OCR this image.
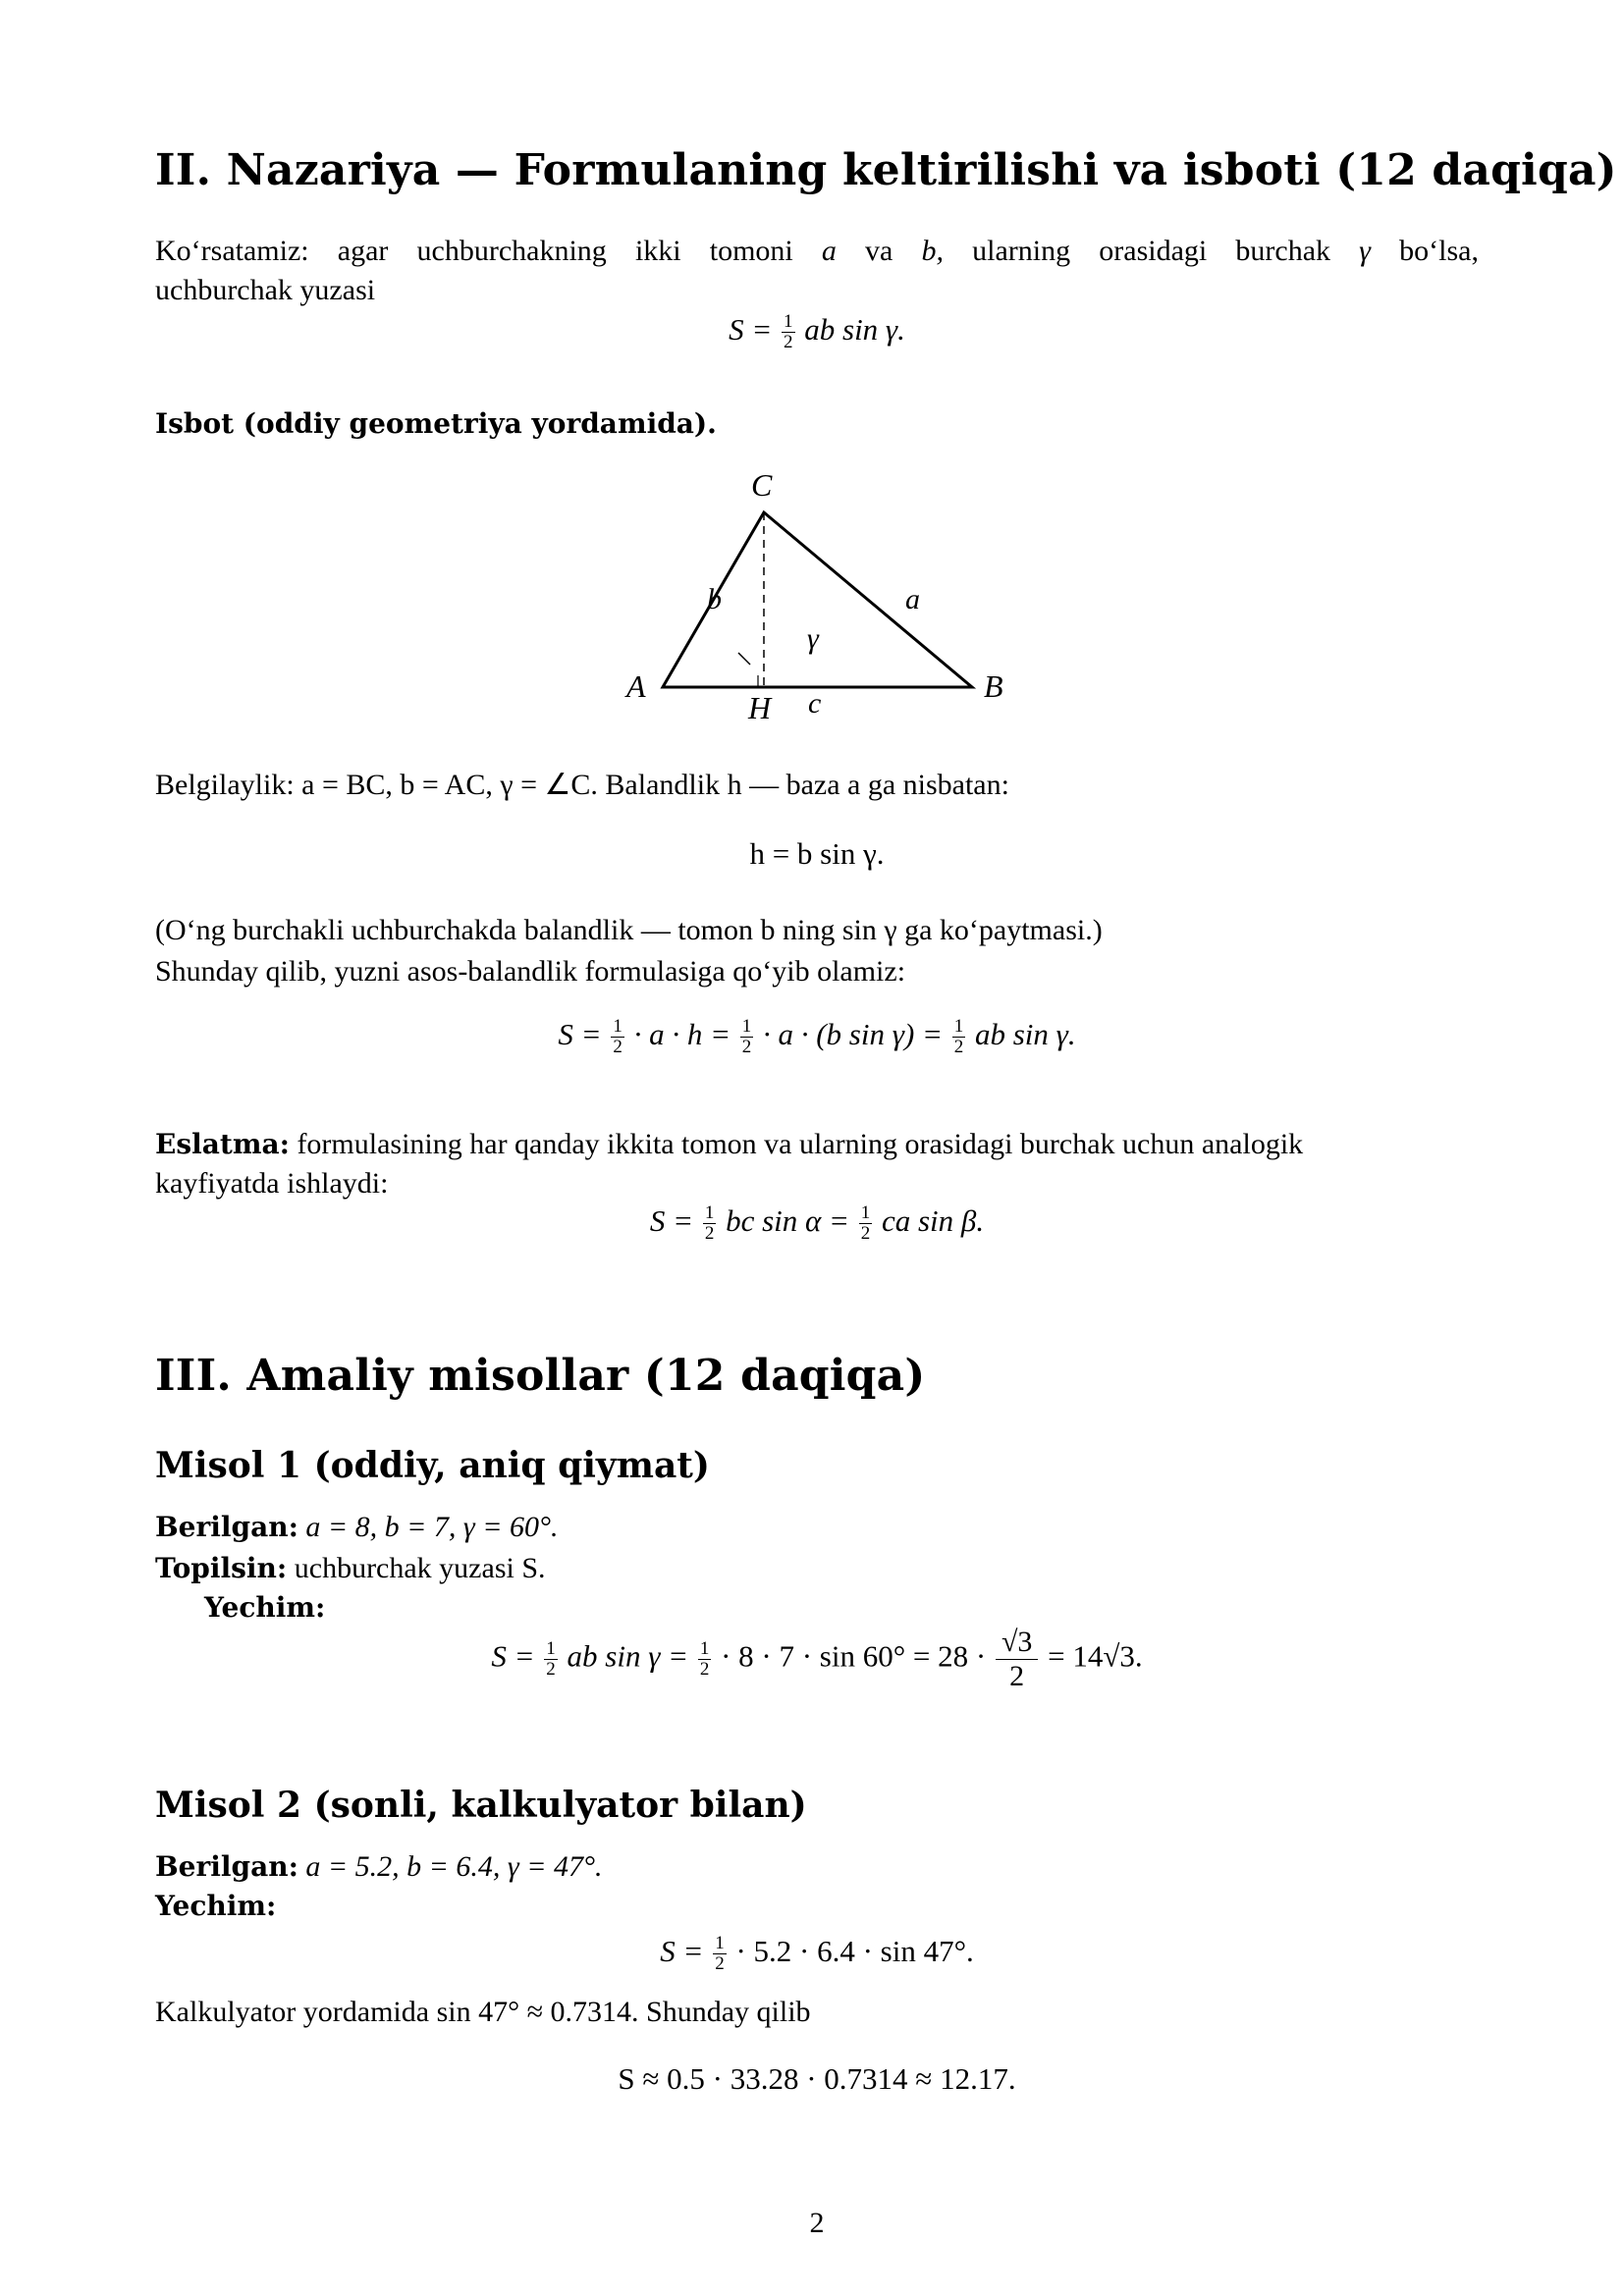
II. Nazariya — Formulaning keltirilishi va isboti (12 daqiqa)
Ko‘rsatamiz: agar uchburchakning ikki tomoni a va b, ularning orasidagi burchak γ bo‘lsa,
uchburchak yuzasi
$S = \frac{1}{2}$ ab sin γ.
Isbot (oddiy geometriya yordamida).
C
A	B
H
b	a
γ
c
Belgilaylik: a = BC, b = AC, γ = ∠C. Balandlik h — baza a ga nisbatan:
h = b sin γ.
(O‘ng burchakli uchburchakda balandlik — tomon b ning sin γ ga ko‘paytmasi.)
Shunday qilib, yuzni asos-balandlik formulasiga qo‘yib olamiz:
$S = \frac{1}{2} \cdot a \cdot h = \frac{1}{2} \cdot a \cdot (b$ $\sin \gamma) = \frac{1}{2}$ ab sin γ.
Eslatma: formulasining har qanday ikkita tomon va ularning orasidagi burchak uchun analogik
kayfiyatda ishlaydi:
$S = \frac{1}{2}$ bc $\sin \alpha = \frac{1}{2}$ ca sin β.
III. Amaliy misollar (12 daqiqa)
Misol 1 (oddiy, aniq qiymat)
Berilgan: a = 8, b = 7, γ = 60°.
Topilsin: uchburchak yuzasi S.
Yechim:
$S = \frac{1}{2}$ ab $\sin \gamma = \frac{1}{2} \cdot 8 \cdot 7 \cdot \sin 60^\circ = 28 \cdot \frac{√3}{2} = 14√3$.
Misol 2 (sonli, kalkulyator bilan)
Berilgan: a = 5.2, b = 6.4, γ = 47°.
Yechim:
$S = \frac{1}{2} \cdot 5.2 \cdot 6.4 \cdot \sin 47^\circ$.
Kalkulyator yordamida sin 47° ≈ 0.7314. Shunday qilib
S ≈ 0.5 · 33.28 · 0.7314 ≈ 12.17.
2
